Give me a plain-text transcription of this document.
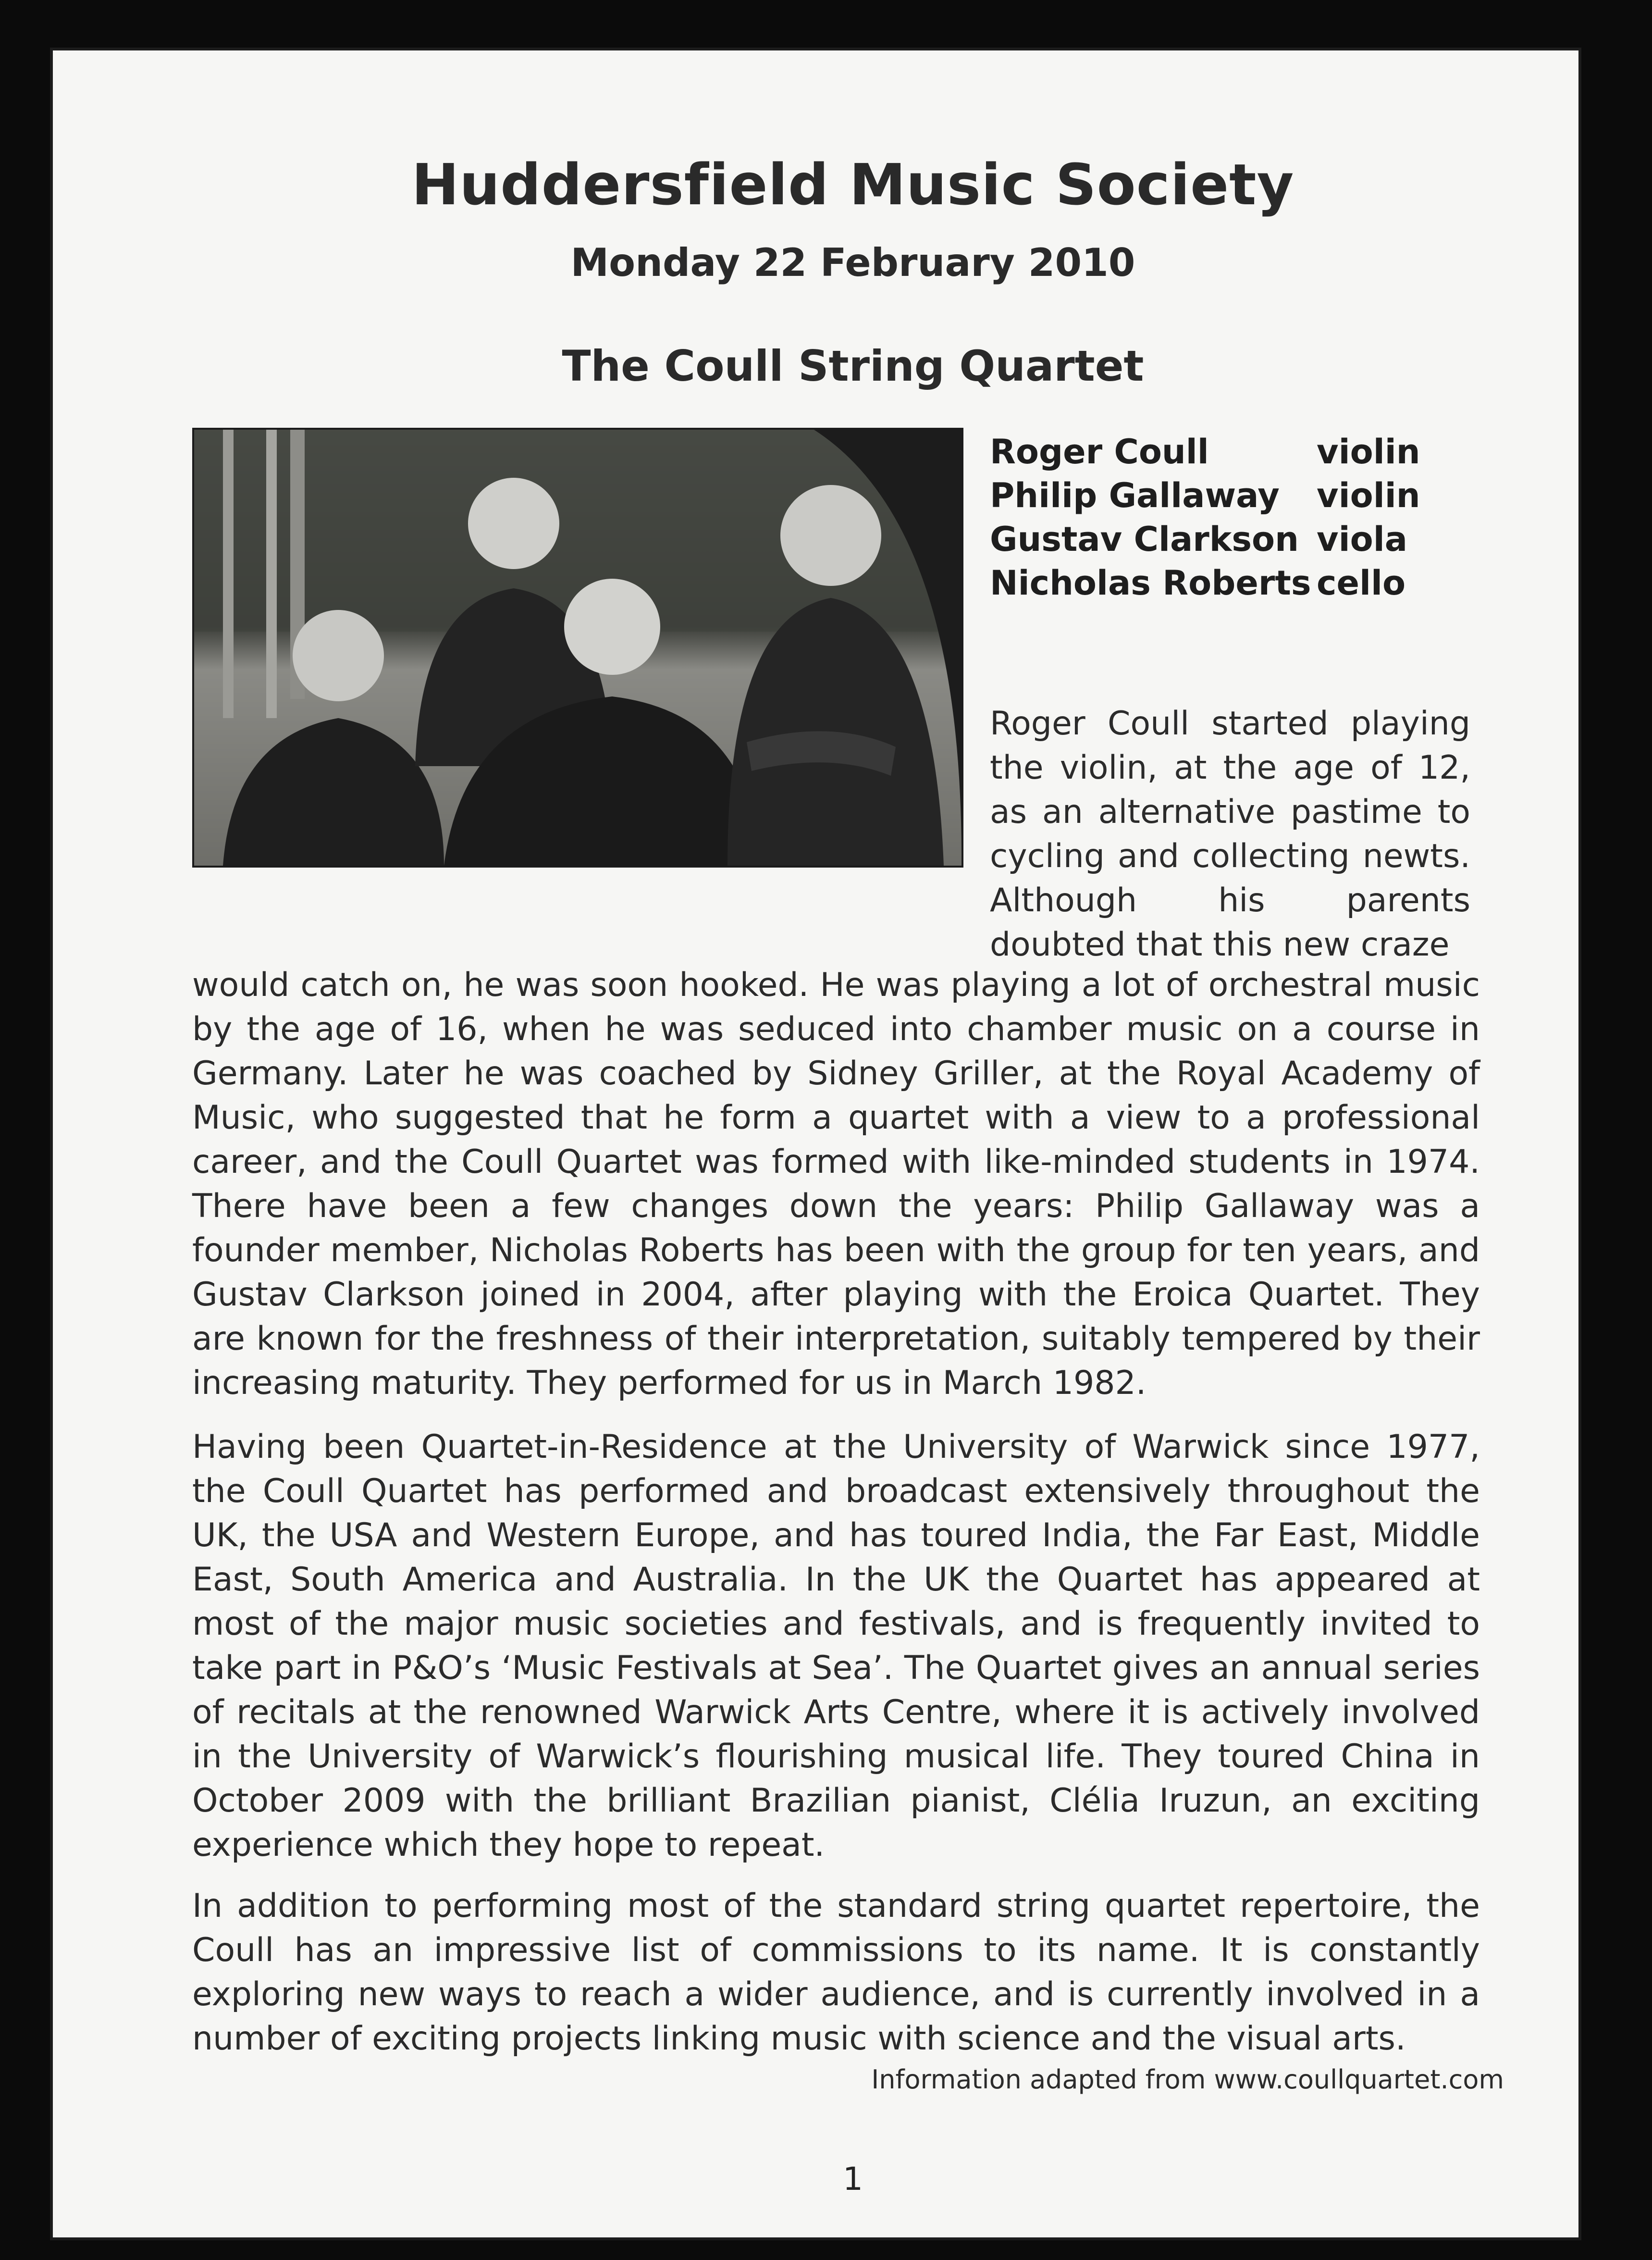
Huddersfield Music Society
Monday 22 February 2010
The Coull String Quartet
Roger Coull	violin
Philip Gallaway	violin
Gustav Clarkson viola
Nicholas Roberts cello

Roger Coull started playing the violin, at the age of 12, as an alternative pastime to cycling and collecting newts. Although his parents doubted that this new craze

would catch on, he was soon hooked. He was playing a lot of orchestral music by the age of 16, when he was seduced into chamber music on a course in Germany. Later he was coached by Sidney Griller, at the Royal Academy of Music, who suggested that he form a quartet with a view to a professional career, and the Coull Quartet was formed with like-minded students in 1974. There have been a few changes down the years: Philip Gallaway was a founder member, Nicholas Roberts has been with the group for ten years, and Gustav Clarkson joined in 2004, after playing with the Eroica Quartet. They are known for the freshness of their interpretation, suitably tempered by their increasing maturity. They performed for us in March 1982.

Having been Quartet-in-Residence at the University of Warwick since 1977, the Coull Quartet has performed and broadcast extensively throughout the UK, the USA and Western Europe, and has toured India, the Far East, Middle East, South America and Australia. In the UK the Quartet has appeared at most of the major music societies and festivals, and is frequently invited to take part in P&O’s ‘Music Festivals at Sea’. The Quartet gives an annual series of recitals at the renowned Warwick Arts Centre, where it is actively involved in the University of Warwick’s flourishing musical life. They toured China in October 2009 with the brilliant Brazilian pianist, Clélia Iruzun, an exciting experience which they hope to repeat.

In addition to performing most of the standard string quartet repertoire, the Coull has an impressive list of commissions to its name. It is constantly exploring new ways to reach a wider audience, and is currently involved in a number of exciting projects linking music with science and the visual arts.

Information adapted from www.coullquartet.com
1
